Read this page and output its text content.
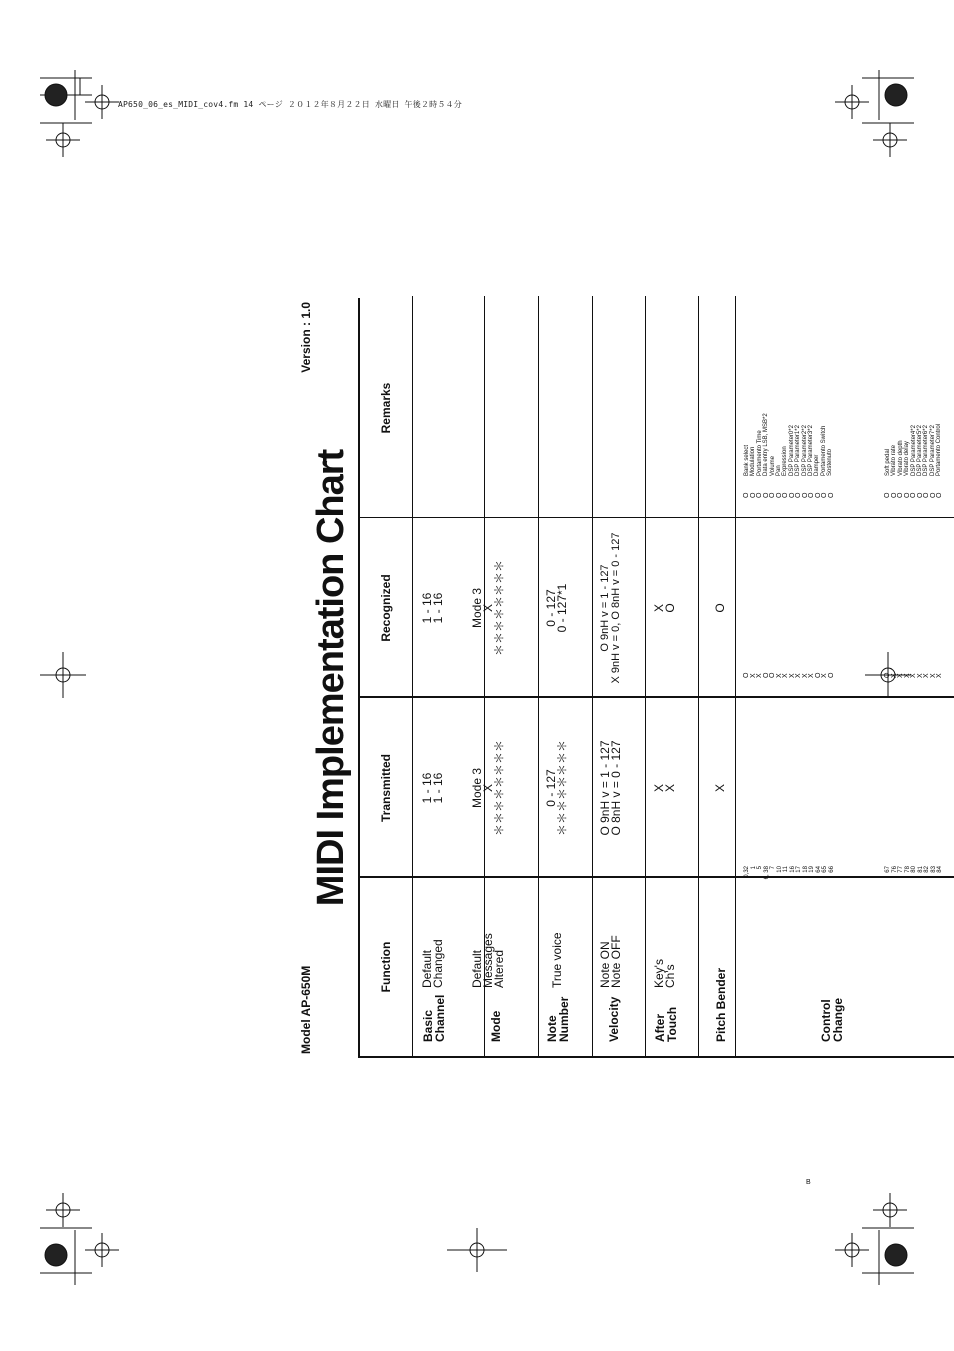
AP650_06_es_MIDI_cov4.fm 14 ページ ２０１２年８月２２日 水曜日 午後２時５４分
B
Model AP-650M
Version : 1.0
MIDI Implementation Chart
Function
Transmitted
Recognized
Remarks
Basic
Channel
Default
Changed
1 - 16
1 - 16
1 - 16
1 - 16
Mode
Default
Messages
Altered
Mode 3
X
＊＊＊＊＊＊＊＊
Mode 3
X
＊＊＊＊＊＊＊＊
Note
Number
True voice
0 - 127
＊＊＊＊＊＊＊＊
0 - 127
0 - 127*1
Velocity
Note ON
Note OFF
O 9nH v = 1 - 127
O 8nH v = 0 - 127
O 9nH v = 1 - 127 X 9nH v = 0, O 8nH v = 0 - 127
After
Touch
Key's
Ch's
X
X
X
O
Pitch Bender
X
O
Control
Change
0,32 1 5 6, 38 7 10 11 16 17 18 19 64 65 66
O X X O O X X X X X X O X O
O O O O O O O O O O O O O O
Bank select Modulation Portamento Time Data entry LSB, MSB*2 Volume Pan Expression DSP Parameter0*2 DSP Parameter1*2 DSP Parameter2*2 DSP Parameter3*2 Damper Portamento Switch Sostenuto
67 76 77 78 80 81 82 83 84
O X X X X X X X X
O O O O O O O O O
Soft pedal Vibrato rate Vibrato depth Vibrato delay DSP Parameter4*2 DSP Parameter5*2 DSP Parameter6*2 DSP Parameter7*2 Portamento Control
